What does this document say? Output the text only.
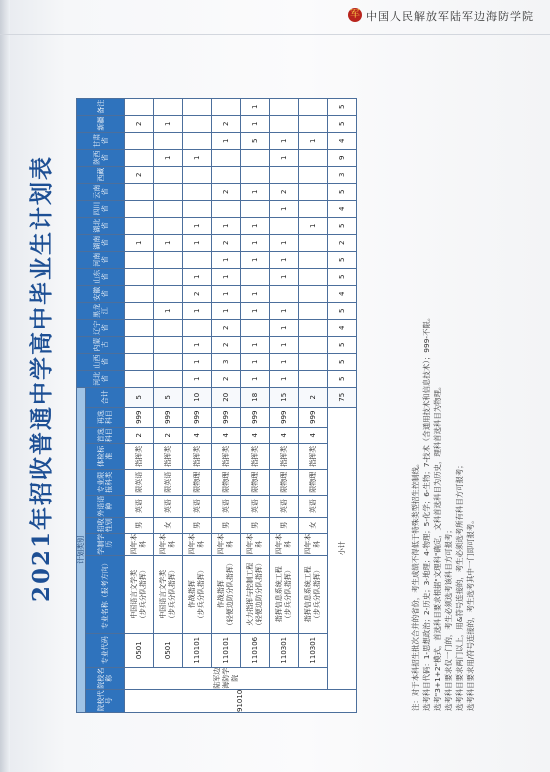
军 中国人民解放军陆军边海防学院
2021年招收普通中学高中毕业生计划表	计划类别												河北省	山西省	内蒙古	辽宁省	黑龙江	安徽省	山东省	河南省	湖南省	湖北省	四川省	云南省	西藏	陕西省	甘肃省	新疆	备注
院校代号	院校名称	专业代码	专业名称（报考方向）	学制学历	招收性别	外语语种	专业限报科类	体检标准	首选科目	再选科目	合计																	
91010	陆军边海防学院	0501	中国语言文学类 （步兵分队指挥）	四年本科	男	英语	限英语	指挥类	2	999	5									1				2			2	
		0501	中国语言文学类 （步兵分队指挥）	四年本科	女	英语	限英语	指挥类	2	999	5					1				1					1		1	
		110101	作战指挥 （步兵分队指挥）	四年本科	男	英语	限物理	指挥类	4	999	10	1	1	1		1	2	1		1	1				1			
		110101	作战指挥 （轻便边防分队指挥）	四年本科	男	英语	限物理	指挥类	4	999	20	2	3	2	2	1	1	1	1	2	1		2			1	2	
		110106	火力指挥与控制工程 （轻便边防分队指挥）	四年本科	男	英语	限物理	指挥类	4	999	18	1	1	1		1	1		1	1	1		1			5	1	1
		110301	指挥信息系统工程 （步兵分队指挥）	四年本科	男	英语	限物理	指挥类	4	999	15	1	1	1	1	1		1	1	1		1	2		1	1		
		110301	指挥信息系统工程 （步兵分队指挥）	四年本科	女	英语	限物理	指挥类	4	999	2										1					1		
	小计										75	5	5	5	4	5	4	5	5	2	5	4	5	3	9	4	5	5
注：对于本科招生批次合并的省份，考生成绩不得低于特殊类型招生控制线。 选考科目代码：1-思想政治；2-历史；3-地理；4-物理；5-化学；6-生物；7-技术（含通用技术和信息技术）；999-不限。 选考"3+1+2"模式，首选科目要求根据"文理科"确定，文科首选科目为历史，理科首选科目为物理。 选考科目要求仅一门的，考生必须选考该科目方可报考； 选考科目要求两门以上，用&符号连接的，考生必须选考所有科目方可报考； 选考科目要求用/符号连接的，考生选考其中一门即可报考。
